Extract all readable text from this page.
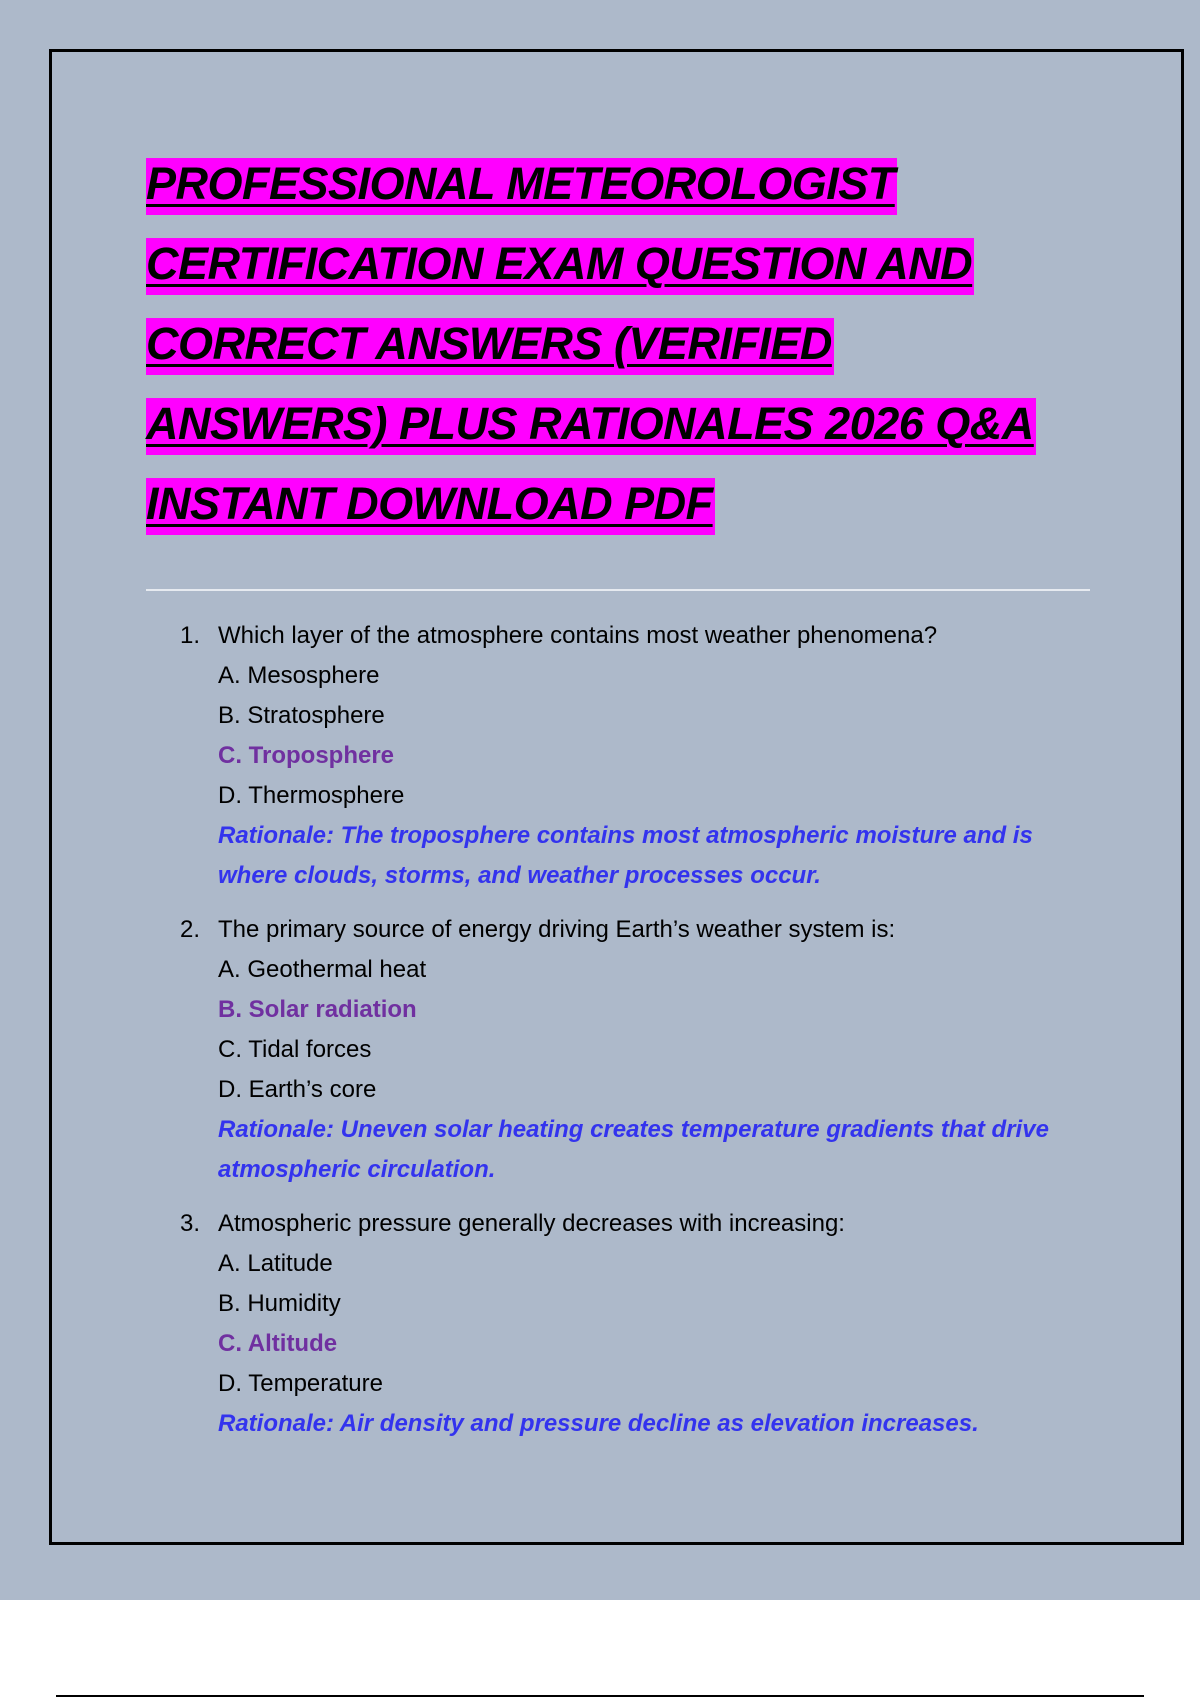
PROFESSIONAL METEOROLOGIST
CERTIFICATION EXAM QUESTION AND
CORRECT ANSWERS (VERIFIED
ANSWERS) PLUS RATIONALES 2026 Q&A
INSTANT DOWNLOAD PDF
1. Which layer of the atmosphere contains most weather phenomena?
A. Mesosphere
B. Stratosphere
C. Troposphere
D. Thermosphere
Rationale: The troposphere contains most atmospheric moisture and is where clouds, storms, and weather processes occur.
2. The primary source of energy driving Earth’s weather system is:
A. Geothermal heat
B. Solar radiation
C. Tidal forces
D. Earth’s core
Rationale: Uneven solar heating creates temperature gradients that drive atmospheric circulation.
3. Atmospheric pressure generally decreases with increasing:
A. Latitude
B. Humidity
C. Altitude
D. Temperature
Rationale: Air density and pressure decline as elevation increases.
